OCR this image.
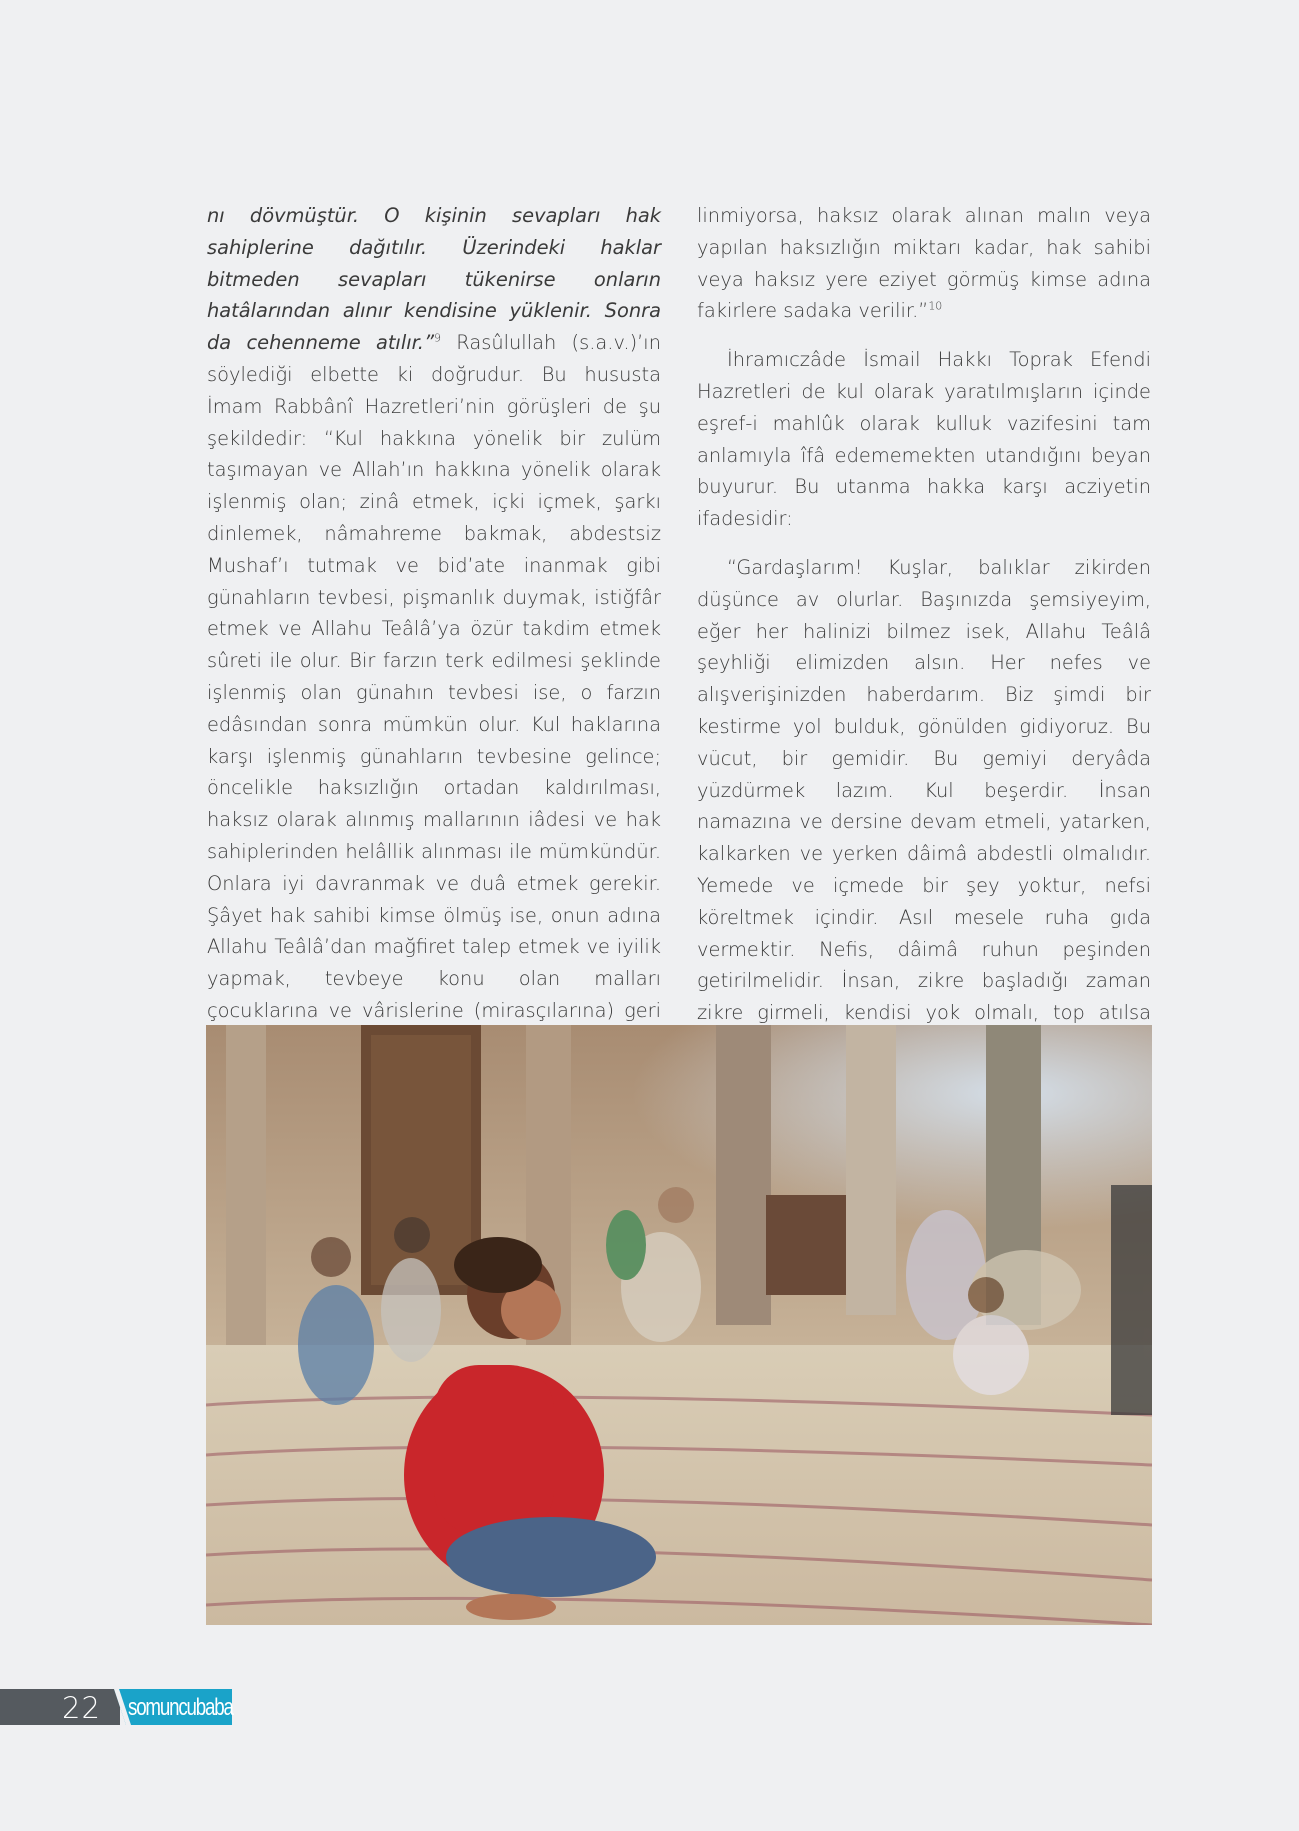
nı dövmüştür. O kişinin sevapları hak sahiplerine dağıtılır. Üzerindeki haklar bitmeden sevapları tükenirse onların hatâlarından alınır kendisine yüklenir. Sonra da cehenneme atılır.”$^9$ Rasûlullah (s.a.v.)’ın söylediği elbette ki doğrudur. Bu hususta İmam Rabbânî Hazretleri’nin görüşleri de şu şekildedir: “Kul hakkına yönelik bir zulüm taşımayan ve Allah’ın hakkına yönelik olarak işlenmiş olan; zinâ etmek, içki içmek, şarkı dinlemek, nâmahreme bakmak, abdestsiz Mushaf’ı tutmak ve bid’ate inanmak gibi günahların tevbesi, pişmanlık duymak, istiğfâr etmek ve Allahu Teâlâ’ya özür takdim etmek sûreti ile olur. Bir farzın terk edilmesi şeklinde işlenmiş olan günahın tevbesi ise, o farzın edâsından sonra mümkün olur. Kul haklarına karşı işlenmiş günahların tevbesine gelince; öncelikle haksızlığın ortadan kaldırılması, haksız olarak alınmış mallarının iâdesi ve hak sahiplerinden helâllik alınması ile mümkündür. Onlara iyi davranmak ve duâ etmek gerekir. Şâyet hak sahibi kimse ölmüş ise, onun adına Allahu Teâlâ’dan mağfiret talep etmek ve iyilik yapmak, tevbeye konu olan malları çocuklarına ve vârislerine (mirasçılarına) geri

linmiyorsa, haksız olarak alınan malın veya yapılan haksızlığın miktarı kadar, hak sahibi veya haksız yere eziyet görmüş kimse adına fakirlere sadaka verilir.”$^{10}$

İhramıczâde İsmail Hakkı Toprak Efendi Hazretleri de kul olarak yaratılmışların içinde eşref-i mahlûk olarak kulluk vazifesini tam anlamıyla îfâ edememekten utandığını beyan buyurur. Bu utanma hakka karşı acziyetin ifadesidir:

“Gardaşlarım! Kuşlar, balıklar zikirden düşünce av olurlar. Başınızda şemsiyeyim, eğer her halinizi bilmez isek, Allahu Teâlâ şeyhliği elimizden alsın. Her nefes ve alışverişinizden haberdarım. Biz şimdi bir kestirme yol bulduk, gönülden gidiyoruz. Bu vücut, bir gemidir. Bu gemiyi deryâda yüzdürmek lazım. Kul beşerdir. İnsan namazına ve dersine devam etmeli, yatarken, kalkarken ve yerken dâimâ abdestli olmalıdır. Yemede ve içmede bir şey yoktur, nefsi köreltmek içindir. Asıl mesele ruha gıda vermektir. Nefis, dâimâ ruhun peşinden getirilmelidir. İnsan, zikre başladığı zaman zikre girmeli, kendisi yok olmalı, top atılsa

22 somuncubaba
